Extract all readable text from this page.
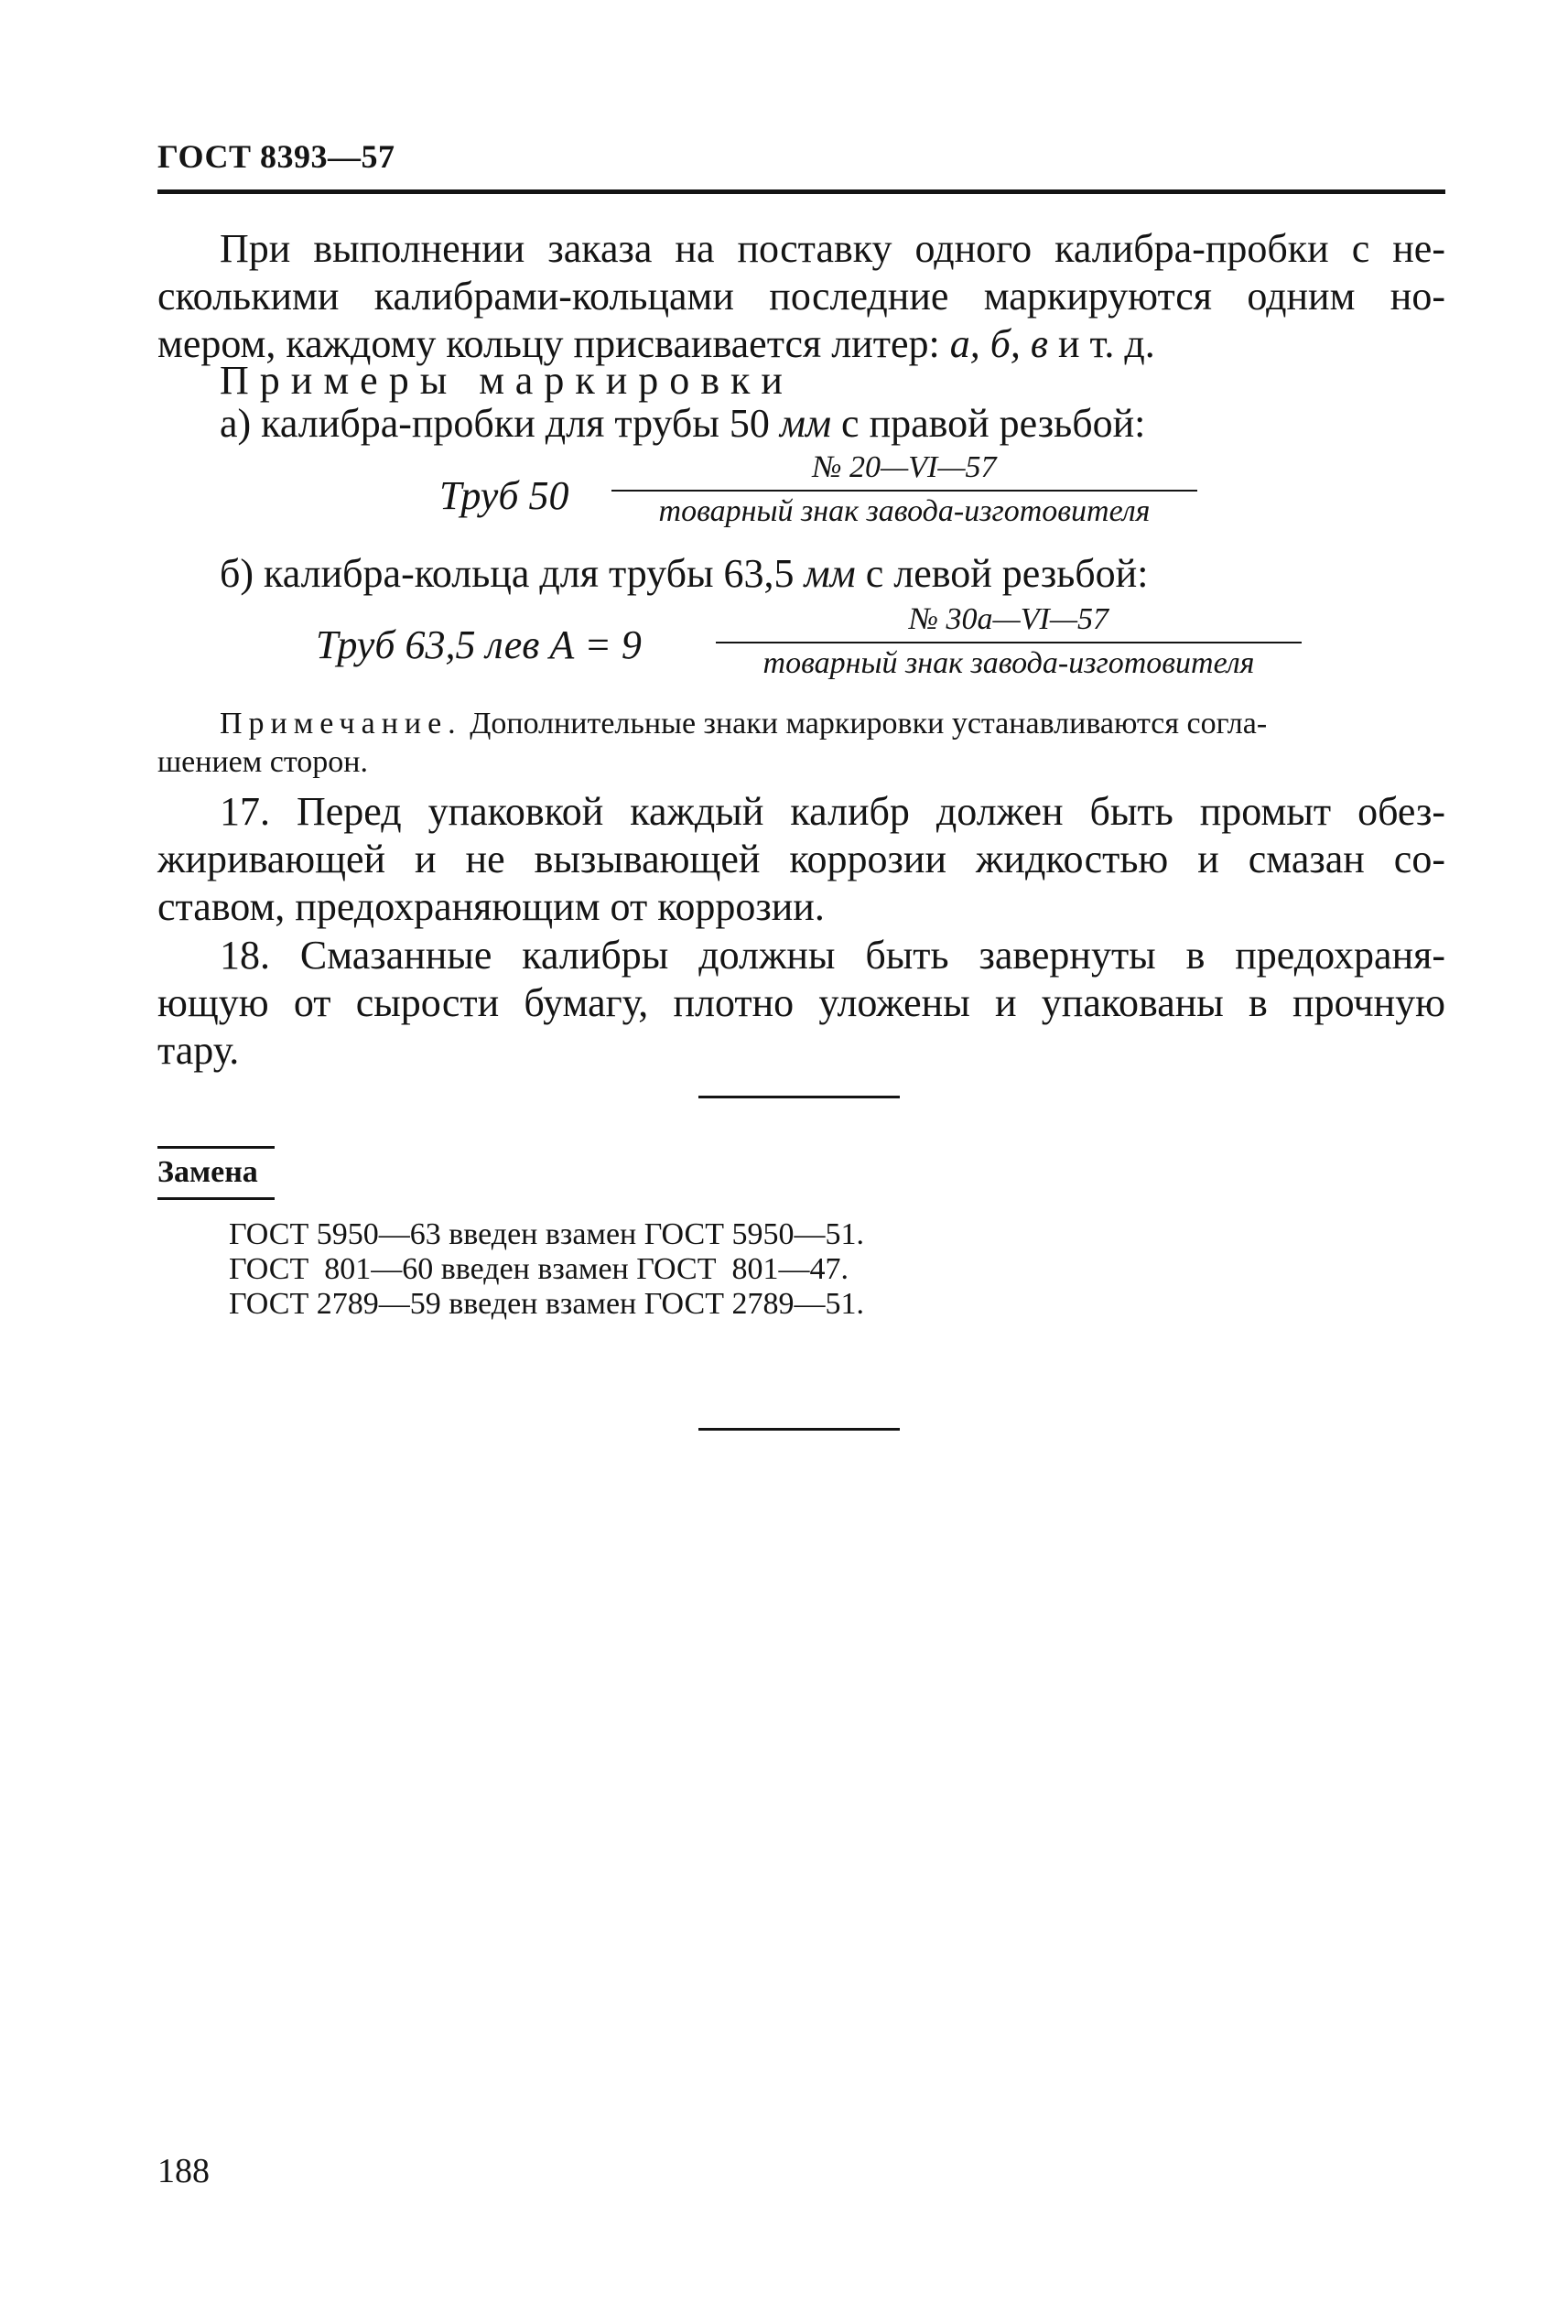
ГОСТ 8393—57

При выполнении заказа на поставку одного калибра-пробки с не-

сколькими калибрами-кольцами последние маркируются одним но-

мером, каждому кольцу присваивается литер: а, б, в и т. д.

Примеры маркировки

а) калибра-пробки для трубы 50 мм с правой резьбой:

Труб 50
№ 20—VI—57
товарный знак завода-изготовителя

б) калибра-кольца для трубы 63,5 мм с левой резьбой:

Труб 63,5 лев А = 9
№ 30а—VI—57
товарный знак завода-изготовителя

Примечание. Дополнительные знаки маркировки устанавливаются согла-

шением сторон.

17. Перед упаковкой каждый калибр должен быть промыт обез-

жиривающей и не вызывающей коррозии жидкостью и смазан со-

ставом, предохраняющим от коррозии.

18. Смазанные калибры должны быть завернуты в предохраня-

ющую от сырости бумагу, плотно уложены и упакованы в прочную

тару.

Замена

ГОСТ 5950—63 введен взамен ГОСТ 5950—51.

ГОСТ  801—60 введен взамен ГОСТ  801—47.

ГОСТ 2789—59 введен взамен ГОСТ 2789—51.

188
